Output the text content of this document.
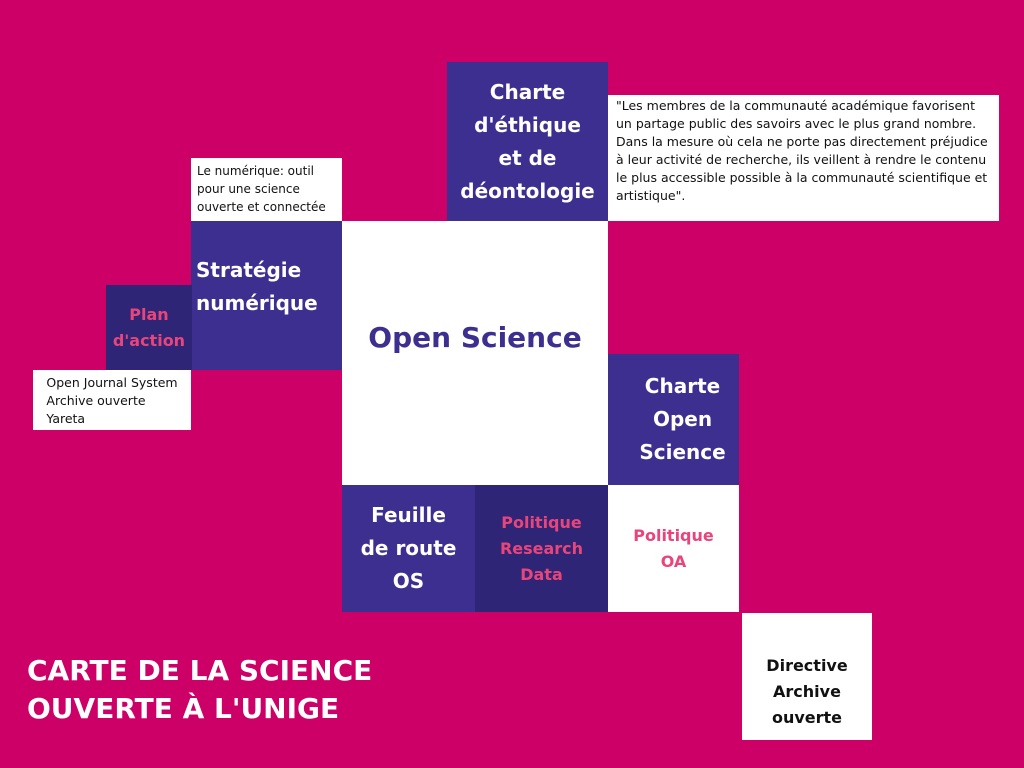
Charte
d'éthique
et de
déontologie
"Les membres de la communauté académique favorisent un partage public des savoirs avec le plus grand nombre. Dans la mesure où cela ne porte pas directement préjudice à leur activité de recherche, ils veillent à rendre le contenu le plus accessible possible à la communauté scientifique et artistique".
Le numérique: outil pour une science ouverte et connectée
Stratégie
numérique
Plan
d'action
Open Journal System
Archive ouverte
Yareta
Open Science
Charte
Open
Science
Feuille
de route
OS
Politique
Research
Data
Politique
OA
Directive
Archive
ouverte
CARTE DE LA SCIENCE
OUVERTE À L'UNIGE
